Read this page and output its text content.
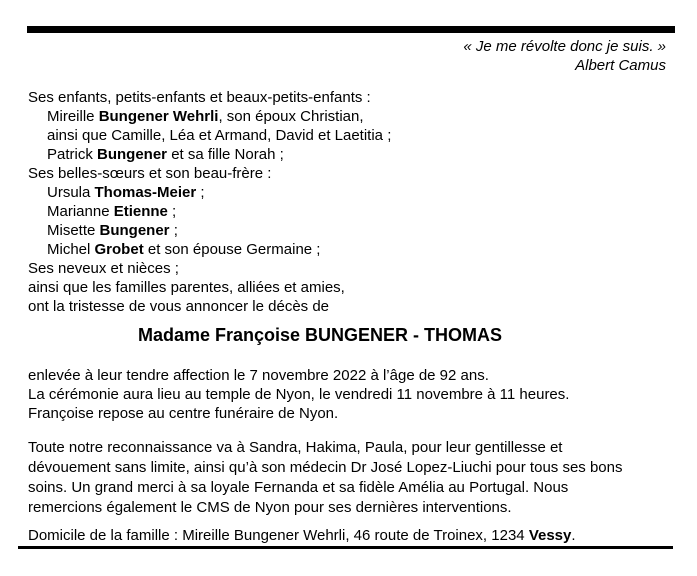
« Je me révolte donc je suis. »
Albert Camus
Ses enfants, petits-enfants et beaux-petits-enfants :
Mireille Bungener Wehrli, son époux Christian,
ainsi que Camille, Léa et Armand, David et Laetitia ;
Patrick Bungener et sa fille Norah ;
Ses belles-sœurs et son beau-frère :
Ursula Thomas-Meier ;
Marianne Etienne ;
Misette Bungener ;
Michel Grobet et son épouse Germaine ;
Ses neveux et nièces ;
ainsi que les familles parentes, alliées et amies,
ont la tristesse de vous annoncer le décès de
Madame Françoise BUNGENER - THOMAS
enlevée à leur tendre affection le 7 novembre 2022 à l’âge de 92 ans.
La cérémonie aura lieu au temple de Nyon, le vendredi 11 novembre à 11 heures.
Françoise repose au centre funéraire de Nyon.
Toute notre reconnaissance va à Sandra, Hakima, Paula, pour leur gentillesse et
dévouement sans limite, ainsi qu’à son médecin Dr José Lopez-Liuchi pour tous ses bons
soins. Un grand merci à sa loyale Fernanda et sa fidèle Amélia au Portugal. Nous
remercions également le CMS de Nyon pour ses dernières interventions.
Domicile de la famille : Mireille Bungener Wehrli, 46 route de Troinex, 1234 Vessy.
